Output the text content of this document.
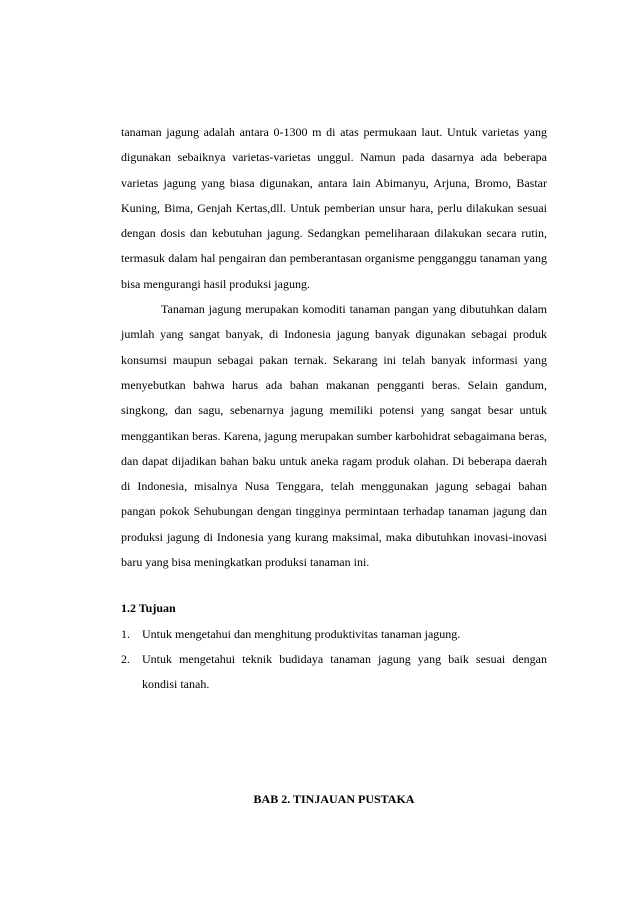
tanaman jagung adalah antara 0-1300 m di atas permukaan laut. Untuk varietas yang digunakan sebaiknya varietas-varietas unggul. Namun pada dasarnya ada beberapa varietas jagung yang biasa digunakan, antara lain Abimanyu, Arjuna, Bromo, Bastar Kuning, Bima, Genjah Kertas,dll. Untuk pemberian unsur hara, perlu dilakukan sesuai dengan dosis dan kebutuhan jagung. Sedangkan pemeliharaan dilakukan secara rutin, termasuk dalam hal pengairan dan pemberantasan organisme pengganggu tanaman yang bisa mengurangi hasil produksi jagung.

Tanaman jagung merupakan komoditi tanaman pangan yang dibutuhkan dalam jumlah yang sangat banyak, di Indonesia jagung banyak digunakan sebagai produk konsumsi maupun sebagai pakan ternak. Sekarang ini telah banyak informasi yang menyebutkan bahwa harus ada bahan makanan pengganti beras. Selain gandum, singkong, dan sagu, sebenarnya jagung memiliki potensi yang sangat besar untuk menggantikan beras. Karena, jagung merupakan sumber karbohidrat sebagaimana beras, dan dapat dijadikan bahan baku untuk aneka ragam produk olahan. Di beberapa daerah di Indonesia, misalnya Nusa Tenggara, telah menggunakan jagung sebagai bahan pangan pokok Sehubungan dengan tingginya permintaan terhadap tanaman jagung dan produksi jagung di Indonesia yang kurang maksimal, maka dibutuhkan inovasi-inovasi baru yang bisa meningkatkan produksi tanaman ini.

1.2 Tujuan
1. Untuk mengetahui dan menghitung produktivitas tanaman jagung.
2. Untuk mengetahui teknik budidaya tanaman jagung yang baik sesuai dengan kondisi tanah.
BAB 2. TINJAUAN PUSTAKA
